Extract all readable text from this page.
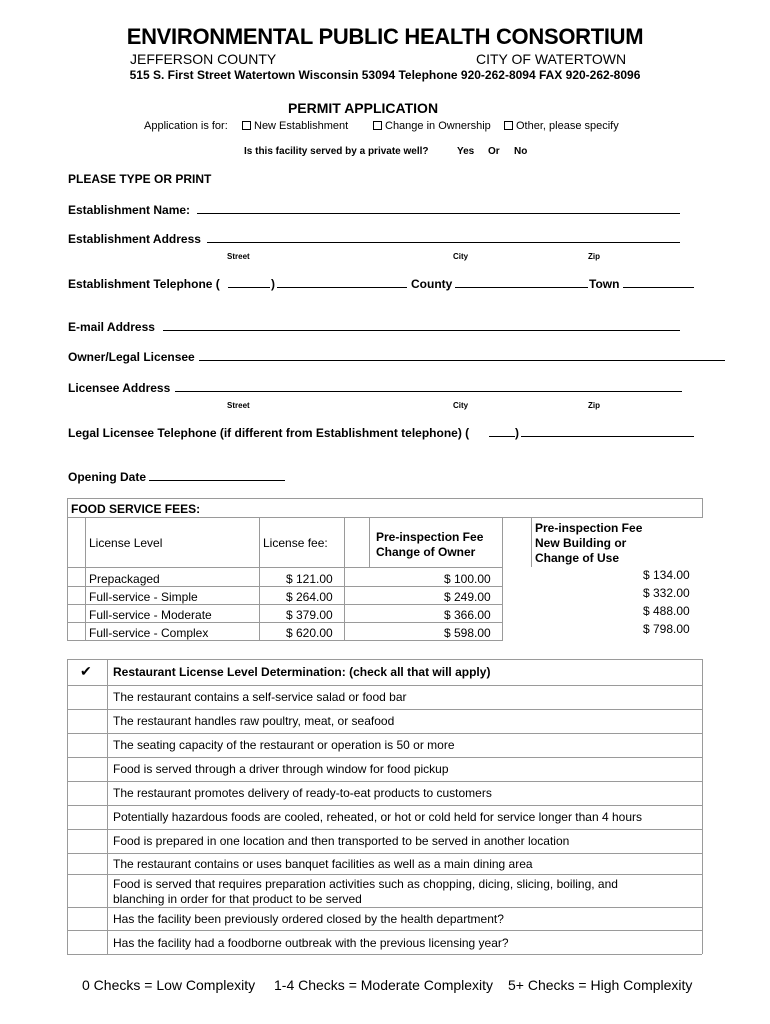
ENVIRONMENTAL PUBLIC HEALTH CONSORTIUM
JEFFERSON COUNTY	CITY OF WATERTOWN
515 S. First Street Watertown Wisconsin 53094 Telephone 920-262-8094 FAX 920-262-8096
PERMIT APPLICATION
Application is for:	New Establishment	Change in Ownership	Other, please specify
Is this facility served by a private well?	Yes Or No
PLEASE TYPE OR PRINT
Establishment Name:
Establishment Address
Street	City	Zip
Establishment Telephone (	)	County	Town
E-mail Address
Owner/Legal Licensee
Licensee Address
Street	City	Zip
Legal Licensee Telephone (if different from Establishment telephone) (	)
Opening Date
FOOD SERVICE FEES:
License Level	License fee:	Pre-inspection Fee Change of Owner
Pre-inspection Fee
New Building or
Change of Use
Prepackaged	$ 121.00	$ 100.00	$ 134.00
Full-service - Simple	$ 264.00	$ 249.00	$ 332.00
Full-service - Moderate	$ 379.00	$ 366.00	$ 488.00
Full-service - Complex	$ 620.00	$ 598.00	$ 798.00
✔ Restaurant License Level Determination: (check all that will apply)
The restaurant contains a self-service salad or food bar
The restaurant handles raw poultry, meat, or seafood
The seating capacity of the restaurant or operation is 50 or more
Food is served through a driver through window for food pickup
The restaurant promotes delivery of ready-to-eat products to customers
Potentially hazardous foods are cooled, reheated, or hot or cold held for service longer than 4 hours
Food is prepared in one location and then transported to be served in another location
The restaurant contains or uses banquet facilities as well as a main dining area
Food is served that requires preparation activities such as chopping, dicing, slicing, boiling, and
blanching in order for that product to be served
Has the facility been previously ordered closed by the health department?
Has the facility had a foodborne outbreak with the previous licensing year?
0 Checks = Low Complexity 1-4 Checks = Moderate Complexity 5+ Checks = High Complexity
